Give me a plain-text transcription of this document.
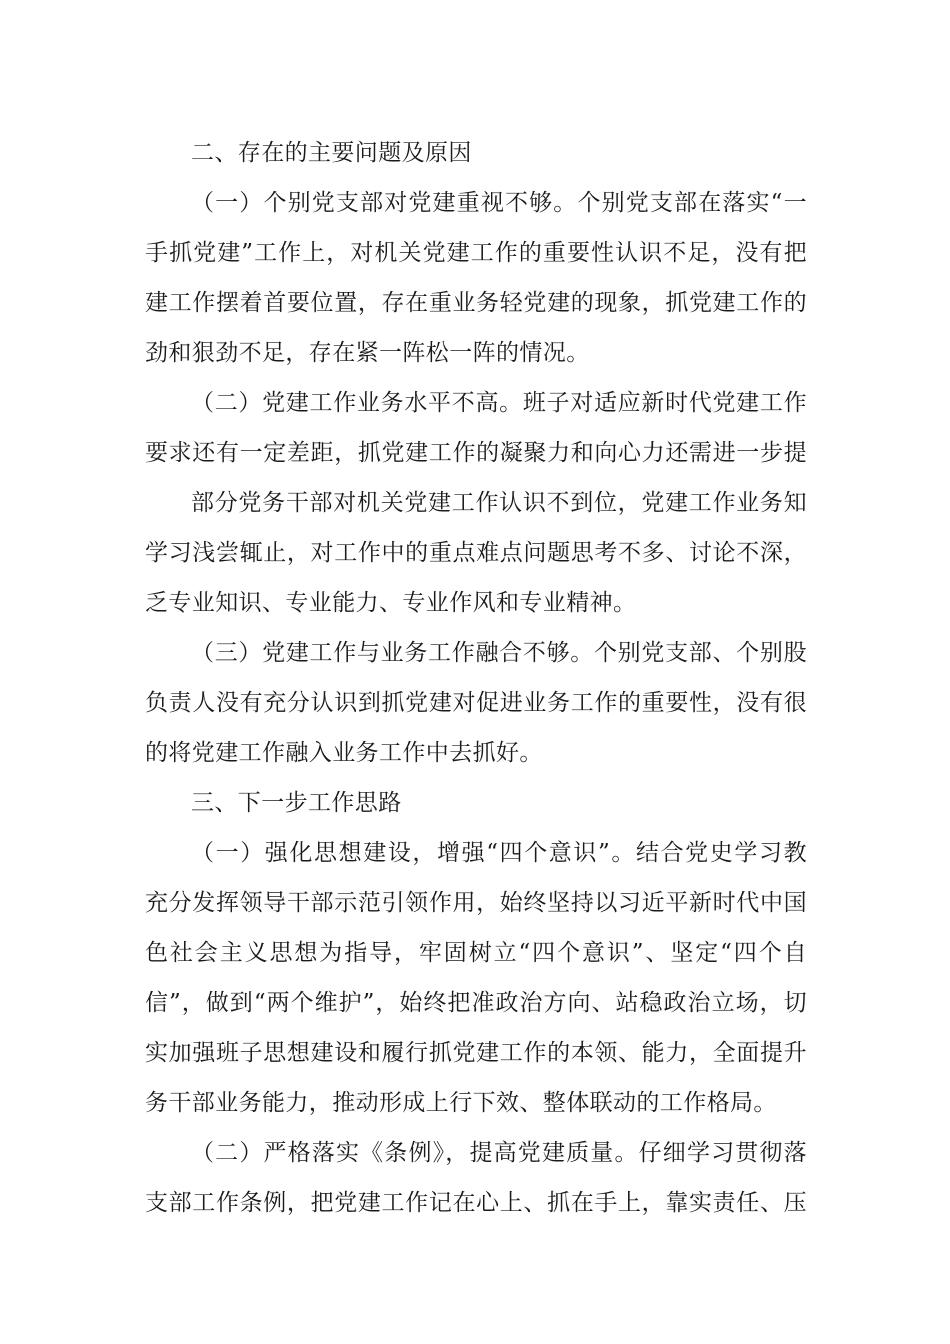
二、存在的主要问题及原因
（一）个别党支部对党建重视不够。个别党支部在落实“一
手抓党建”工作上，对机关党建工作的重要性认识不足，没有把
建工作摆着首要位置，存在重业务轻党建的现象，抓党建工作的
劲和狠劲不足，存在紧一阵松一阵的情况。
（二）党建工作业务水平不高。班子对适应新时代党建工作
要求还有一定差距，抓党建工作的凝聚力和向心力还需进一步提
部分党务干部对机关党建工作认识不到位，党建工作业务知
学习浅尝辄止，对工作中的重点难点问题思考不多、讨论不深，
乏专业知识、专业能力、专业作风和专业精神。
（三）党建工作与业务工作融合不够。个别党支部、个别股
负责人没有充分认识到抓党建对促进业务工作的重要性，没有很
的将党建工作融入业务工作中去抓好。
三、下一步工作思路
（一）强化思想建设，增强“四个意识”。结合党史学习教
充分发挥领导干部示范引领作用，始终坚持以习近平新时代中国
色社会主义思想为指导，牢固树立“四个意识”、坚定“四个自
信”，做到“两个维护”，始终把准政治方向、站稳政治立场，切
实加强班子思想建设和履行抓党建工作的本领、能力，全面提升
务干部业务能力，推动形成上行下效、整体联动的工作格局。
（二）严格落实《条例》，提高党建质量。仔细学习贯彻落
支部工作条例，把党建工作记在心上、抓在手上，靠实责任、压
